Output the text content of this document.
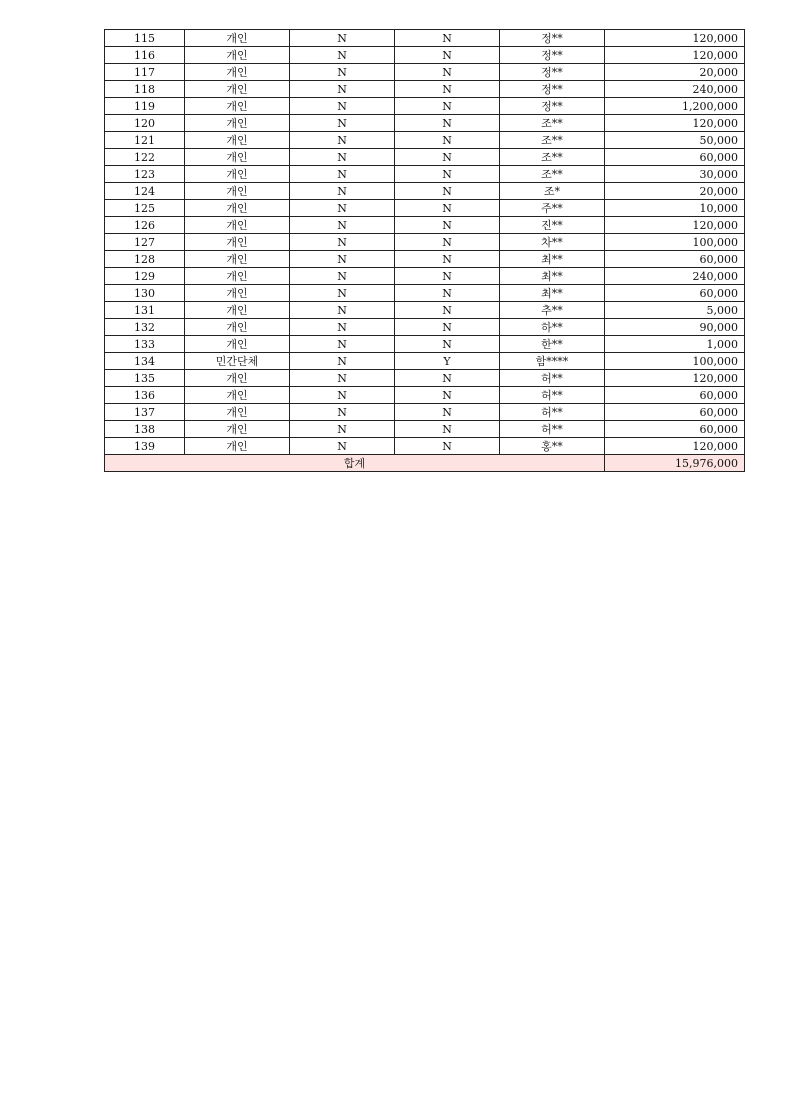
115	개인	N	N	정**	120,000
116	개인	N	N	정**	120,000
117	개인	N	N	정**	20,000
118	개인	N	N	정**	240,000
119	개인	N	N	정**	1,200,000
120	개인	N	N	조**	120,000
121	개인	N	N	조**	50,000
122	개인	N	N	조**	60,000
123	개인	N	N	조**	30,000
124	개인	N	N	조*	20,000
125	개인	N	N	주**	10,000
126	개인	N	N	진**	120,000
127	개인	N	N	차**	100,000
128	개인	N	N	최**	60,000
129	개인	N	N	최**	240,000
130	개인	N	N	최**	60,000
131	개인	N	N	추**	5,000
132	개인	N	N	하**	90,000
133	개인	N	N	한**	1,000
134	민간단체	N	Y	함****	100,000
135	개인	N	N	허**	120,000
136	개인	N	N	허**	60,000
137	개인	N	N	허**	60,000
138	개인	N	N	허**	60,000
139	개인	N	N	홍**	120,000
합계					15,976,000
